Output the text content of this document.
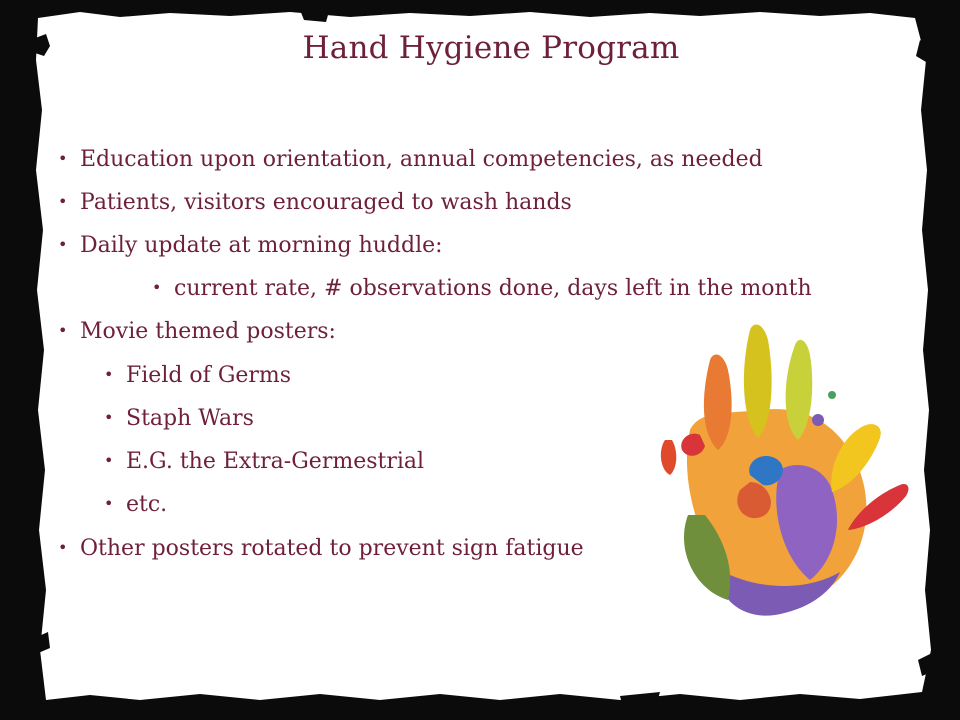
Hand Hygiene Program
• Education upon orientation, annual competencies, as needed
• Patients, visitors encouraged to wash hands
• Daily update at morning huddle:
• current rate, # observations done, days left in the month
• Movie themed posters:
• Field of Germs
• Staph Wars
• E.G. the Extra-Germestrial
• etc.
• Other posters rotated to prevent sign fatigue
